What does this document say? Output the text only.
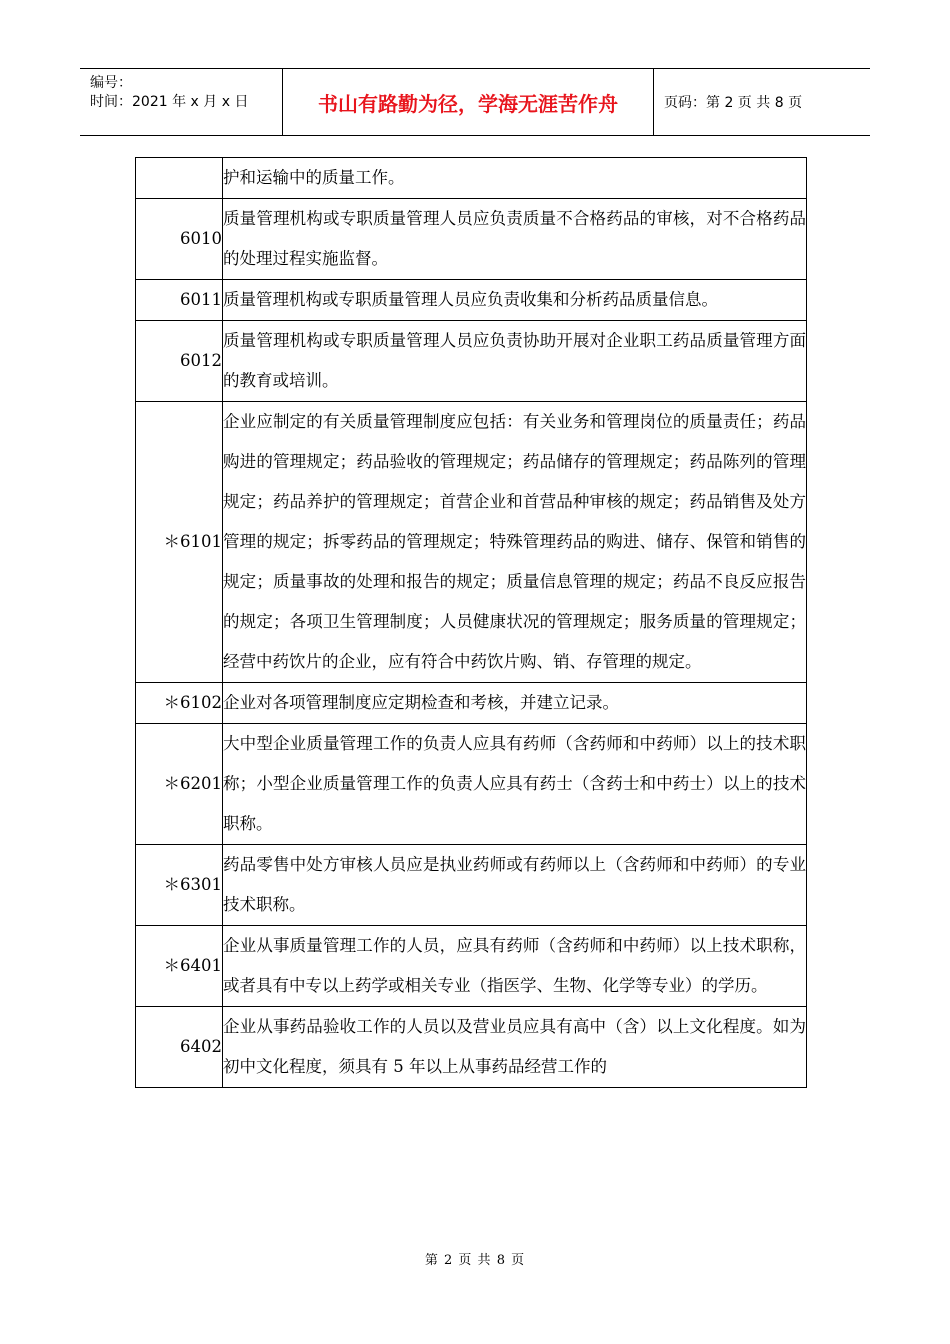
编号：
时间：2021 年 x 月 x 日	书山有路勤为径，学海无涯苦作舟	页码：第 2 页 共 8 页
	护和运输中的质量工作。
6010	质量管理机构或专职质量管理人员应负责质量不合格药品的审核，对不合格药品的处理过程实施监督。
6011	质量管理机构或专职质量管理人员应负责收集和分析药品质量信息。
6012	质量管理机构或专职质量管理人员应负责协助开展对企业职工药品质量管理方面的教育或培训。
＊6101	企业应制定的有关质量管理制度应包括：有关业务和管理岗位的质量责任；药品购进的管理规定；药品验收的管理规定；药品储存的管理规定；药品陈列的管理规定；药品养护的管理规定；首营企业和首营品种审核的规定；药品销售及处方管理的规定；拆零药品的管理规定；特殊管理药品的购进、储存、保管和销售的规定；质量事故的处理和报告的规定；质量信息管理的规定；药品不良反应报告的规定；各项卫生管理制度；人员健康状况的管理规定；服务质量的管理规定；经营中药饮片的企业，应有符合中药饮片购、销、存管理的规定。
＊6102	企业对各项管理制度应定期检查和考核，并建立记录。
＊6201	大中型企业质量管理工作的负责人应具有药师（含药师和中药师）以上的技术职称；小型企业质量管理工作的负责人应具有药士（含药士和中药士）以上的技术职称。
＊6301	药品零售中处方审核人员应是执业药师或有药师以上（含药师和中药师）的专业技术职称。
＊6401	企业从事质量管理工作的人员，应具有药师（含药师和中药师）以上技术职称，或者具有中专以上药学或相关专业（指医学、生物、化学等专业）的学历。
6402	企业从事药品验收工作的人员以及营业员应具有高中（含）以上文化程度。如为初中文化程度，须具有 5 年以上从事药品经营工作的
第 2 页 共 8 页
